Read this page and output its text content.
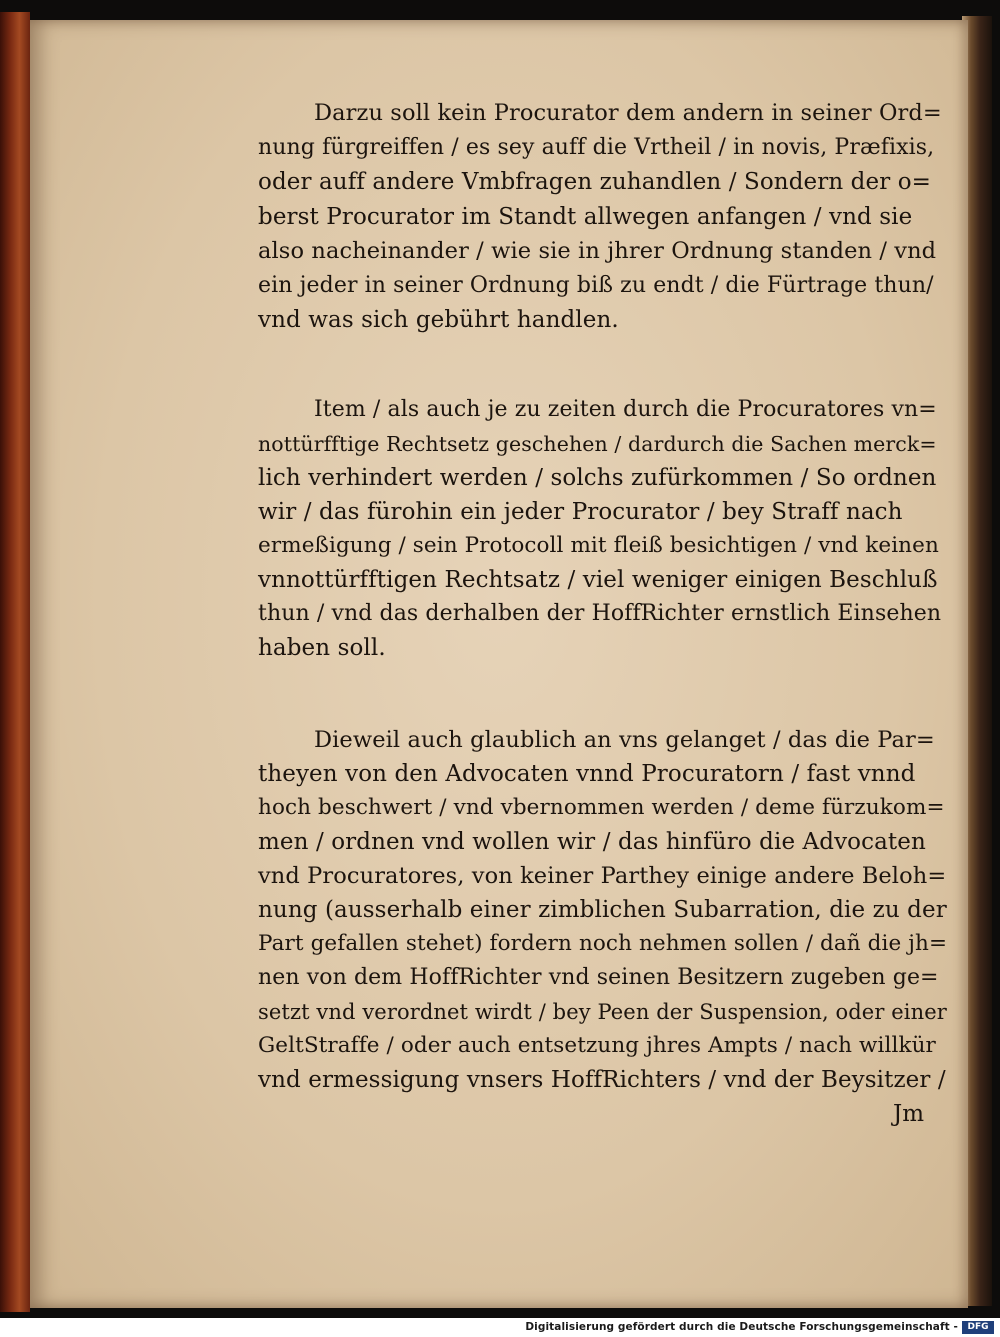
Darzu soll kein Procurator dem andern in seiner Ord=
nung fürgreiffen / es sey auff die Vrtheil / in novis, Præfixis,
oder auff andere Vmbfragen zuhandlen / Sondern der o=
berst Procurator im Standt allwegen anfangen / vnd sie
also nacheinander / wie sie in jhrer Ordnung standen / vnd
ein jeder in seiner Ordnung biß zu endt / die Fürtrage thun/
vnd was sich gebührt handlen.
Item / als auch je zu zeiten durch die Procuratores vn=
nottürfftige Rechtsetz geschehen / dardurch die Sachen merck=
lich verhindert werden / solchs zufürkommen / So ordnen
wir / das fürohin ein jeder Procurator / bey Straff nach
ermeßigung / sein Protocoll mit fleiß besichtigen / vnd keinen
vnnottürfftigen Rechtsatz / viel weniger einigen Beschluß
thun / vnd das derhalben der HoffRichter ernstlich Einsehen
haben soll.
Dieweil auch glaublich an vns gelanget / das die Par=
theyen von den Advocaten vnnd Procuratorn / fast vnnd
hoch beschwert / vnd vbernommen werden / deme fürzukom=
men / ordnen vnd wollen wir / das hinfüro die Advocaten
vnd Procuratores, von keiner Parthey einige andere Beloh=
nung (ausserhalb einer zimblichen Subarration, die zu der
Part gefallen stehet) fordern noch nehmen sollen / dañ die jh=
nen von dem HoffRichter vnd seinen Besitzern zugeben ge=
setzt vnd verordnet wirdt / bey Peen der Suspension, oder einer
GeltStraffe / oder auch entsetzung jhres Ampts / nach willkür
vnd ermessigung vnsers HoffRichters / vnd der Beysitzer /
Jm
Digitalisierung gefördert durch die Deutsche Forschungsgemeinschaft -	DFG
